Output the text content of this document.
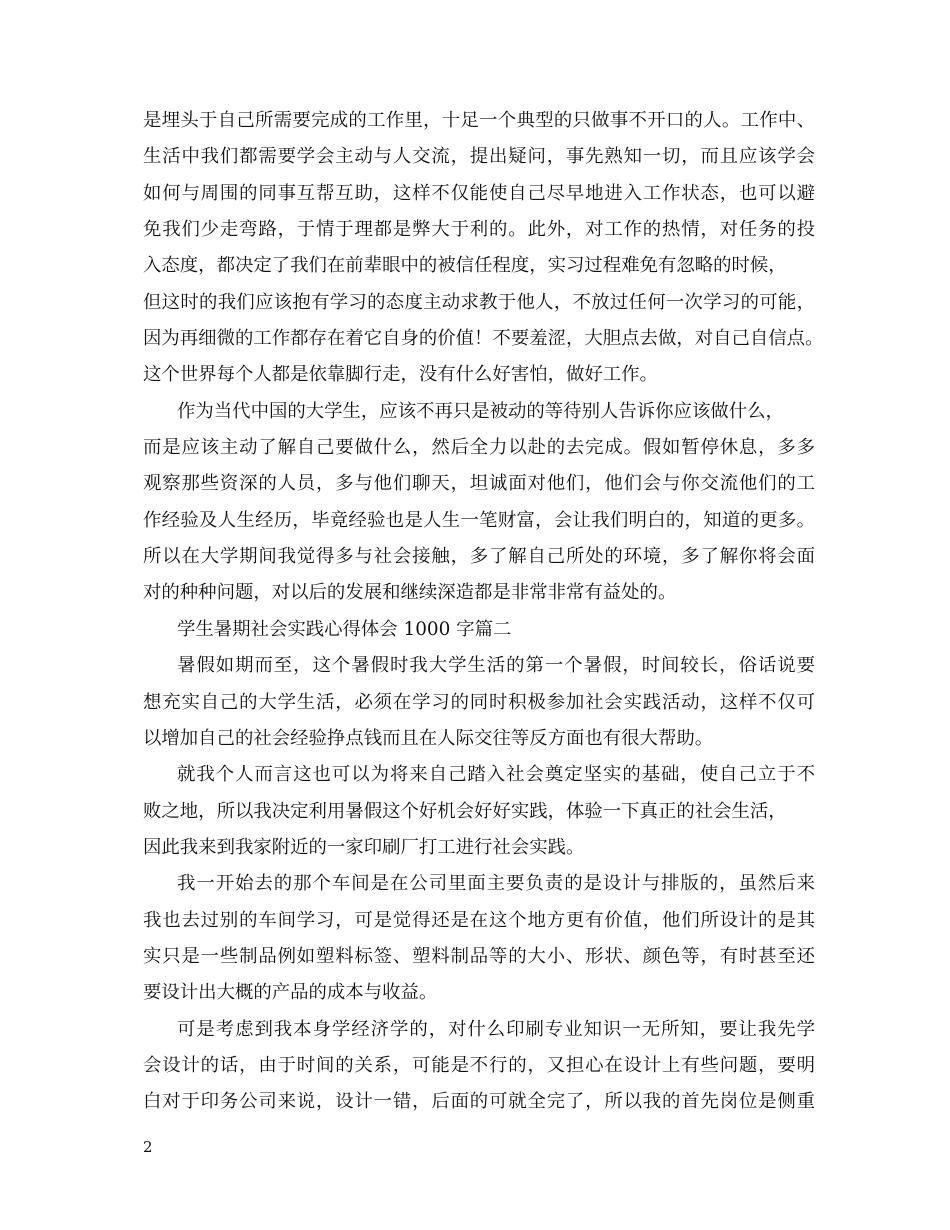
是埋头于自己所需要完成的工作里，十足一个典型的只做事不开口的人。工作中、
生活中我们都需要学会主动与人交流，提出疑问，事先熟知一切，而且应该学会
如何与周围的同事互帮互助，这样不仅能使自己尽早地进入工作状态，也可以避
免我们少走弯路，于情于理都是弊大于利的。此外，对工作的热情，对任务的投
入态度，都决定了我们在前辈眼中的被信任程度，实习过程难免有忽略的时候，
但这时的我们应该抱有学习的态度主动求教于他人，不放过任何一次学习的可能，
因为再细微的工作都存在着它自身的价值！不要羞涩，大胆点去做，对自己自信点。
这个世界每个人都是依靠脚行走，没有什么好害怕，做好工作。
作为当代中国的大学生，应该不再只是被动的等待别人告诉你应该做什么，
而是应该主动了解自己要做什么，然后全力以赴的去完成。假如暂停休息，多多
观察那些资深的人员，多与他们聊天，坦诚面对他们，他们会与你交流他们的工
作经验及人生经历，毕竟经验也是人生一笔财富，会让我们明白的，知道的更多。
所以在大学期间我觉得多与社会接触，多了解自己所处的环境，多了解你将会面
对的种种问题，对以后的发展和继续深造都是非常非常有益处的。
学生暑期社会实践心得体会 1000 字篇二
暑假如期而至，这个暑假时我大学生活的第一个暑假，时间较长，俗话说要
想充实自己的大学生活，必须在学习的同时积极参加社会实践活动，这样不仅可
以增加自己的社会经验挣点钱而且在人际交往等反方面也有很大帮助。
就我个人而言这也可以为将来自己踏入社会奠定坚实的基础，使自己立于不
败之地，所以我决定利用暑假这个好机会好好实践，体验一下真正的社会生活，
因此我来到我家附近的一家印刷厂打工进行社会实践。
我一开始去的那个车间是在公司里面主要负责的是设计与排版的，虽然后来
我也去过别的车间学习，可是觉得还是在这个地方更有价值，他们所设计的是其
实只是一些制品例如塑料标签、塑料制品等的大小、形状、颜色等，有时甚至还
要设计出大概的产品的成本与收益。
可是考虑到我本身学经济学的，对什么印刷专业知识一无所知，要让我先学
会设计的话，由于时间的关系，可能是不行的，又担心在设计上有些问题，要明
白对于印务公司来说，设计一错，后面的可就全完了，所以我的首先岗位是侧重
2
